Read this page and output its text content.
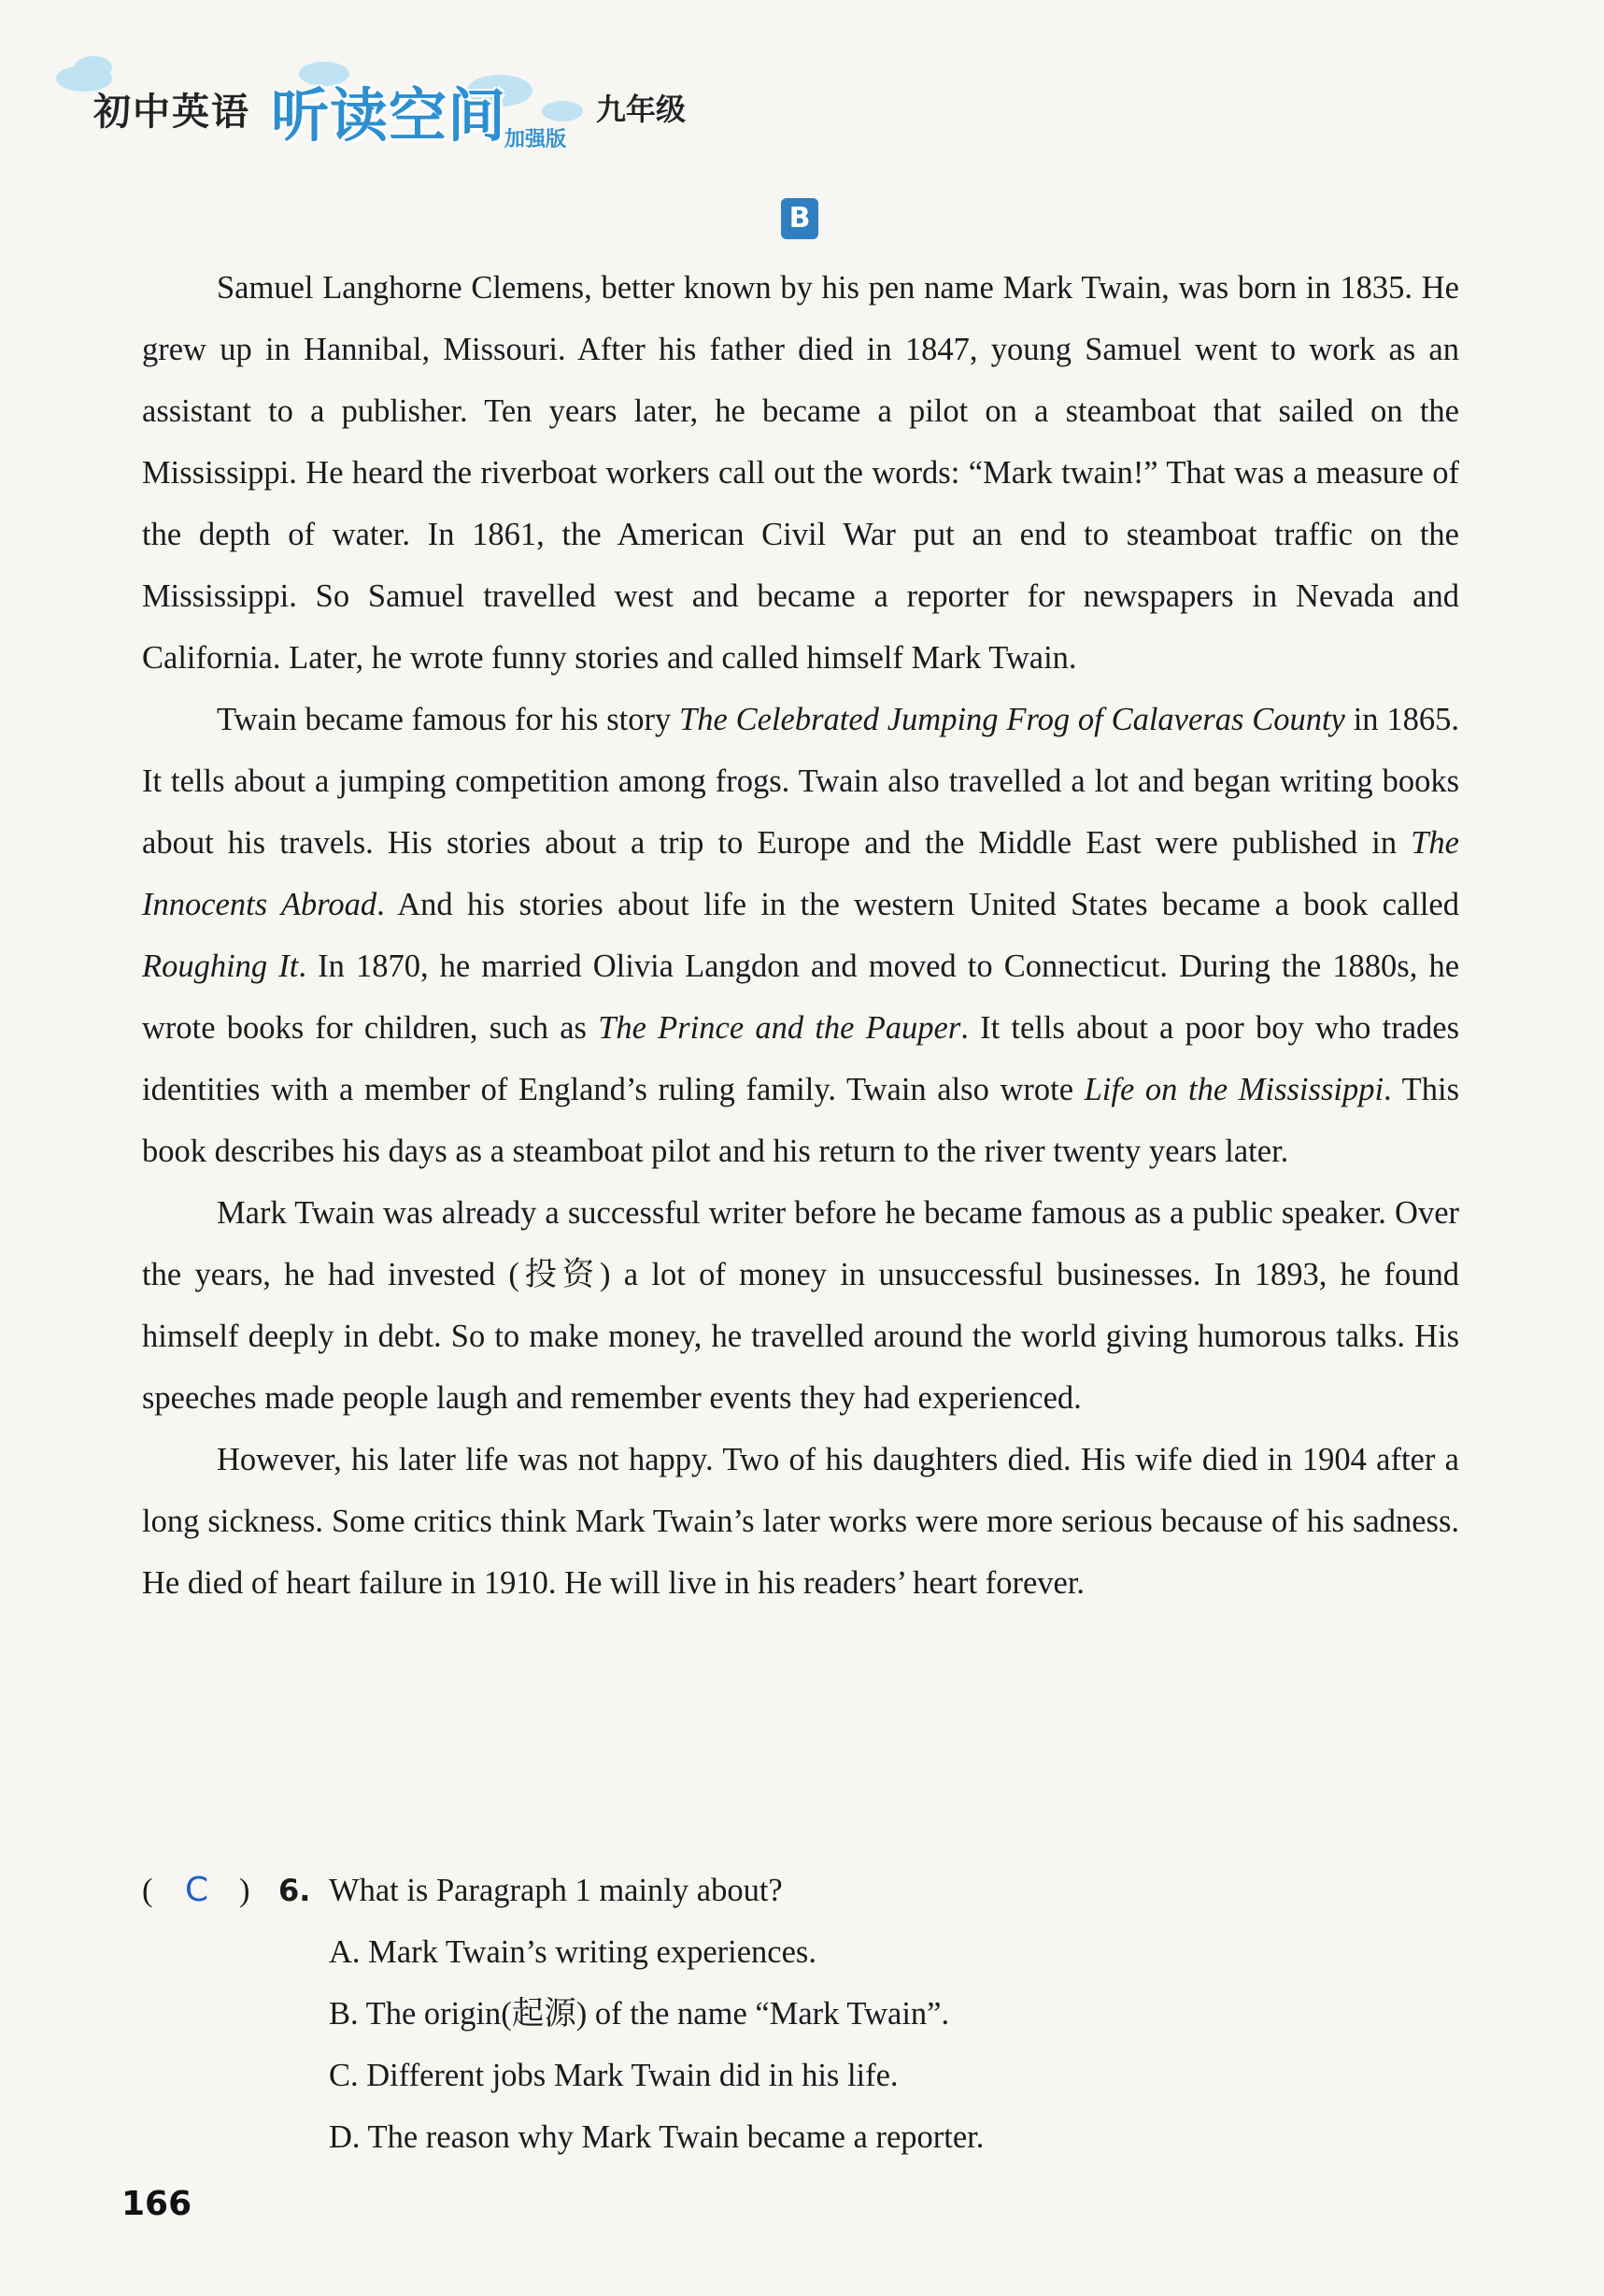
初中英语 听读空间
加强版
九年级
B

Samuel Langhorne Clemens, better known by his pen name Mark Twain, was born in 1835. He grew up in Hannibal, Missouri. After his father died in 1847, young Samuel went to work as an assistant to a publisher. Ten years later, he became a pilot on a steamboat that sailed on the Mississippi. He heard the riverboat workers call out the words: “Mark twain!” That was a measure of the depth of water. In 1861, the American Civil War put an end to steamboat traffic on the Mississippi. So Samuel travelled west and became a reporter for newspapers in Nevada and California. Later, he wrote funny stories and called himself Mark Twain.

Twain became famous for his story The Celebrated Jumping Frog of Calaveras County in 1865. It tells about a jumping competition among frogs. Twain also travelled a lot and began writing books about his travels. His stories about a trip to Europe and the Middle East were published in The Innocents Abroad. And his stories about life in the western United States became a book called Roughing It. In 1870, he married Olivia Langdon and moved to Connecticut. During the 1880s, he wrote books for children, such as The Prince and the Pauper. It tells about a poor boy who trades identities with a member of England’s ruling family. Twain also wrote Life on the Mississippi. This book describes his days as a steamboat pilot and his return to the river twenty years later.

Mark Twain was already a successful writer before he became famous as a public speaker. Over the years, he had invested (投资) a lot of money in unsuccessful businesses. In 1893, he found himself deeply in debt. So to make money, he travelled around the world giving humorous talks. His speeches made people laugh and remember events they had experienced.

However, his later life was not happy. Two of his daughters died. His wife died in 1904 after a long sickness. Some critics think Mark Twain’s later works were more serious because of his sadness. He died of heart failure in 1910. He will live in his readers’ heart forever.

( C ) 6. What is Paragraph 1 mainly about?
A. Mark Twain’s writing experiences.
B. The origin(起源) of the name “Mark Twain”.
C. Different jobs Mark Twain did in his life.
D. The reason why Mark Twain became a reporter.
166
